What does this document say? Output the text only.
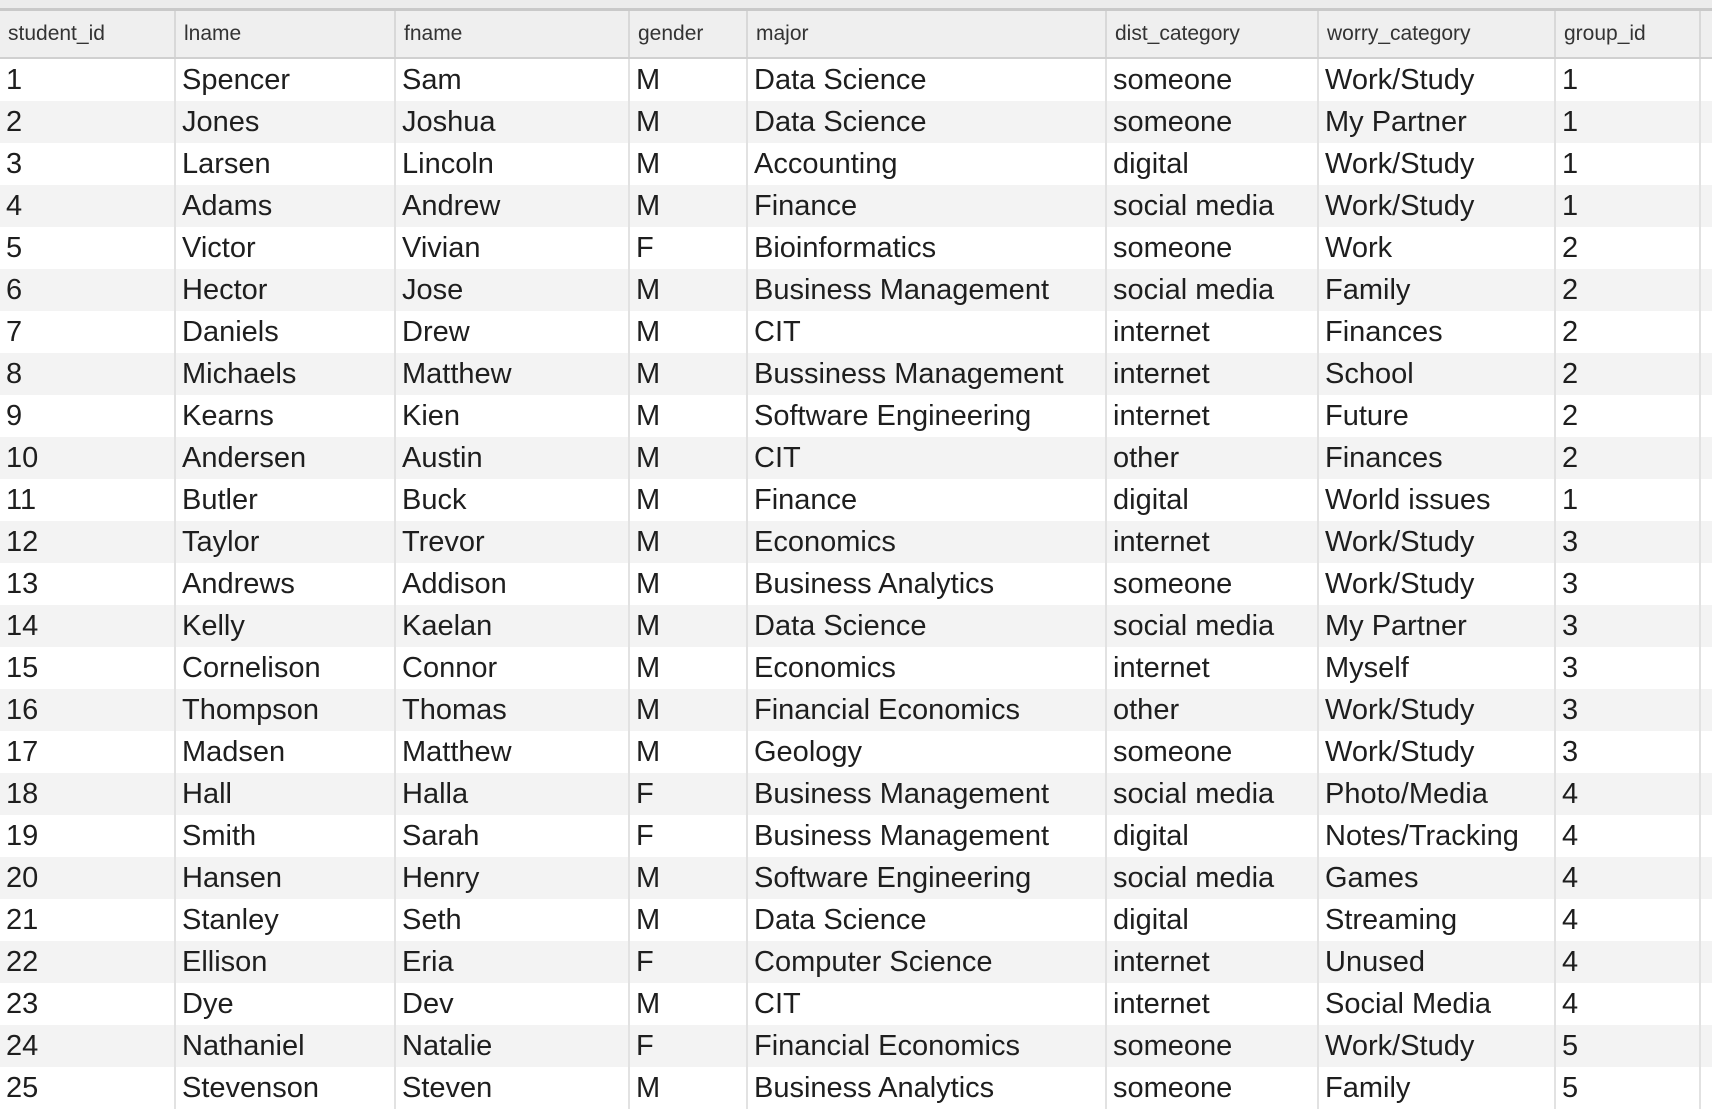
student_id	lname	fname	gender	major	dist_category	worry_category	group_id	
1	Spencer	Sam	M	Data Science	someone	Work/Study	1	
2	Jones	Joshua	M	Data Science	someone	My Partner	1	
3	Larsen	Lincoln	M	Accounting	digital	Work/Study	1	
4	Adams	Andrew	M	Finance	social media	Work/Study	1	
5	Victor	Vivian	F	Bioinformatics	someone	Work	2	
6	Hector	Jose	M	Business Management	social media	Family	2	
7	Daniels	Drew	M	CIT	internet	Finances	2	
8	Michaels	Matthew	M	Bussiness Management	internet	School	2	
9	Kearns	Kien	M	Software Engineering	internet	Future	2	
10	Andersen	Austin	M	CIT	other	Finances	2	
11	Butler	Buck	M	Finance	digital	World issues	1	
12	Taylor	Trevor	M	Economics	internet	Work/Study	3	
13	Andrews	Addison	M	Business Analytics	someone	Work/Study	3	
14	Kelly	Kaelan	M	Data Science	social media	My Partner	3	
15	Cornelison	Connor	M	Economics	internet	Myself	3	
16	Thompson	Thomas	M	Financial Economics	other	Work/Study	3	
17	Madsen	Matthew	M	Geology	someone	Work/Study	3	
18	Hall	Halla	F	Business Management	social media	Photo/Media	4	
19	Smith	Sarah	F	Business Management	digital	Notes/Tracking	4	
20	Hansen	Henry	M	Software Engineering	social media	Games	4	
21	Stanley	Seth	M	Data Science	digital	Streaming	4	
22	Ellison	Eria	F	Computer Science	internet	Unused	4	
23	Dye	Dev	M	CIT	internet	Social Media	4	
24	Nathaniel	Natalie	F	Financial Economics	someone	Work/Study	5	
25	Stevenson	Steven	M	Business Analytics	someone	Family	5	
